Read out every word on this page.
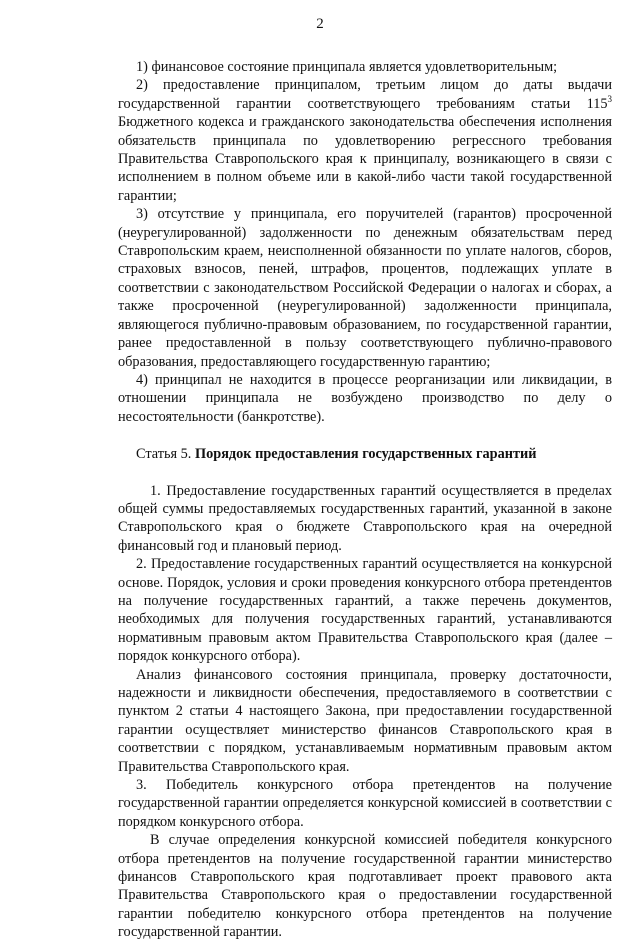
2

1) финансовое состояние принципала является удовлетворительным;

2) предоставление принципалом, третьим лицом до даты выдачи государственной гарантии соответствующего требованиям статьи $115^3$ Бюджетного кодекса и гражданского законодательства обеспечения исполнения обязательств принципала по удовлетворению регрессного требования Правительства Ставропольского края к принципалу, возникающего в связи с исполнением в полном объеме или в какой-либо части такой государственной гарантии;

3) отсутствие у принципала, его поручителей (гарантов) просроченной (неурегулированной) задолженности по денежным обязательствам перед Ставропольским краем, неисполненной обязанности по уплате налогов, сборов, страховых взносов, пеней, штрафов, процентов, подлежащих уплате в соответствии с законодательством Российской Федерации о налогах и сборах, а также просроченной (неурегулированной) задолженности принципала, являющегося публично-правовым образованием, по государственной гарантии, ранее предоставленной в пользу соответствующего публично-правового образования, предоставляющего государственную гарантию;

4) принципал не находится в процессе реорганизации или ликвидации, в отношении принципала не возбуждено производство по делу о несостоятельности (банкротстве).

Статья 5. Порядок предоставления государственных гарантий

1. Предоставление государственных гарантий осуществляется в пределах общей суммы предоставляемых государственных гарантий, указанной в законе Ставропольского края о бюджете Ставропольского края на очередной финансовый год и плановый период.

2. Предоставление государственных гарантий осуществляется на конкурсной основе. Порядок, условия и сроки проведения конкурсного отбора претендентов на получение государственных гарантий, а также перечень документов, необходимых для получения государственных гарантий, устанавливаются нормативным правовым актом Правительства Ставропольского края (далее – порядок конкурсного отбора).

Анализ финансового состояния принципала, проверку достаточности, надежности и ликвидности обеспечения, предоставляемого в соответствии с пунктом 2 статьи 4 настоящего Закона, при предоставлении государственной гарантии осуществляет министерство финансов Ставропольского края в соответствии с порядком, устанавливаемым нормативным правовым актом Правительства Ставропольского края.

3. Победитель конкурсного отбора претендентов на получение государственной гарантии определяется конкурсной комиссией в соответствии с порядком конкурсного отбора.

В случае определения конкурсной комиссией победителя конкурсного отбора претендентов на получение государственной гарантии министерство финансов Ставропольского края подготавливает проект правового акта Правительства Ставропольского края о предоставлении государственной гарантии победителю конкурсного отбора претендентов на получение государственной гарантии.
